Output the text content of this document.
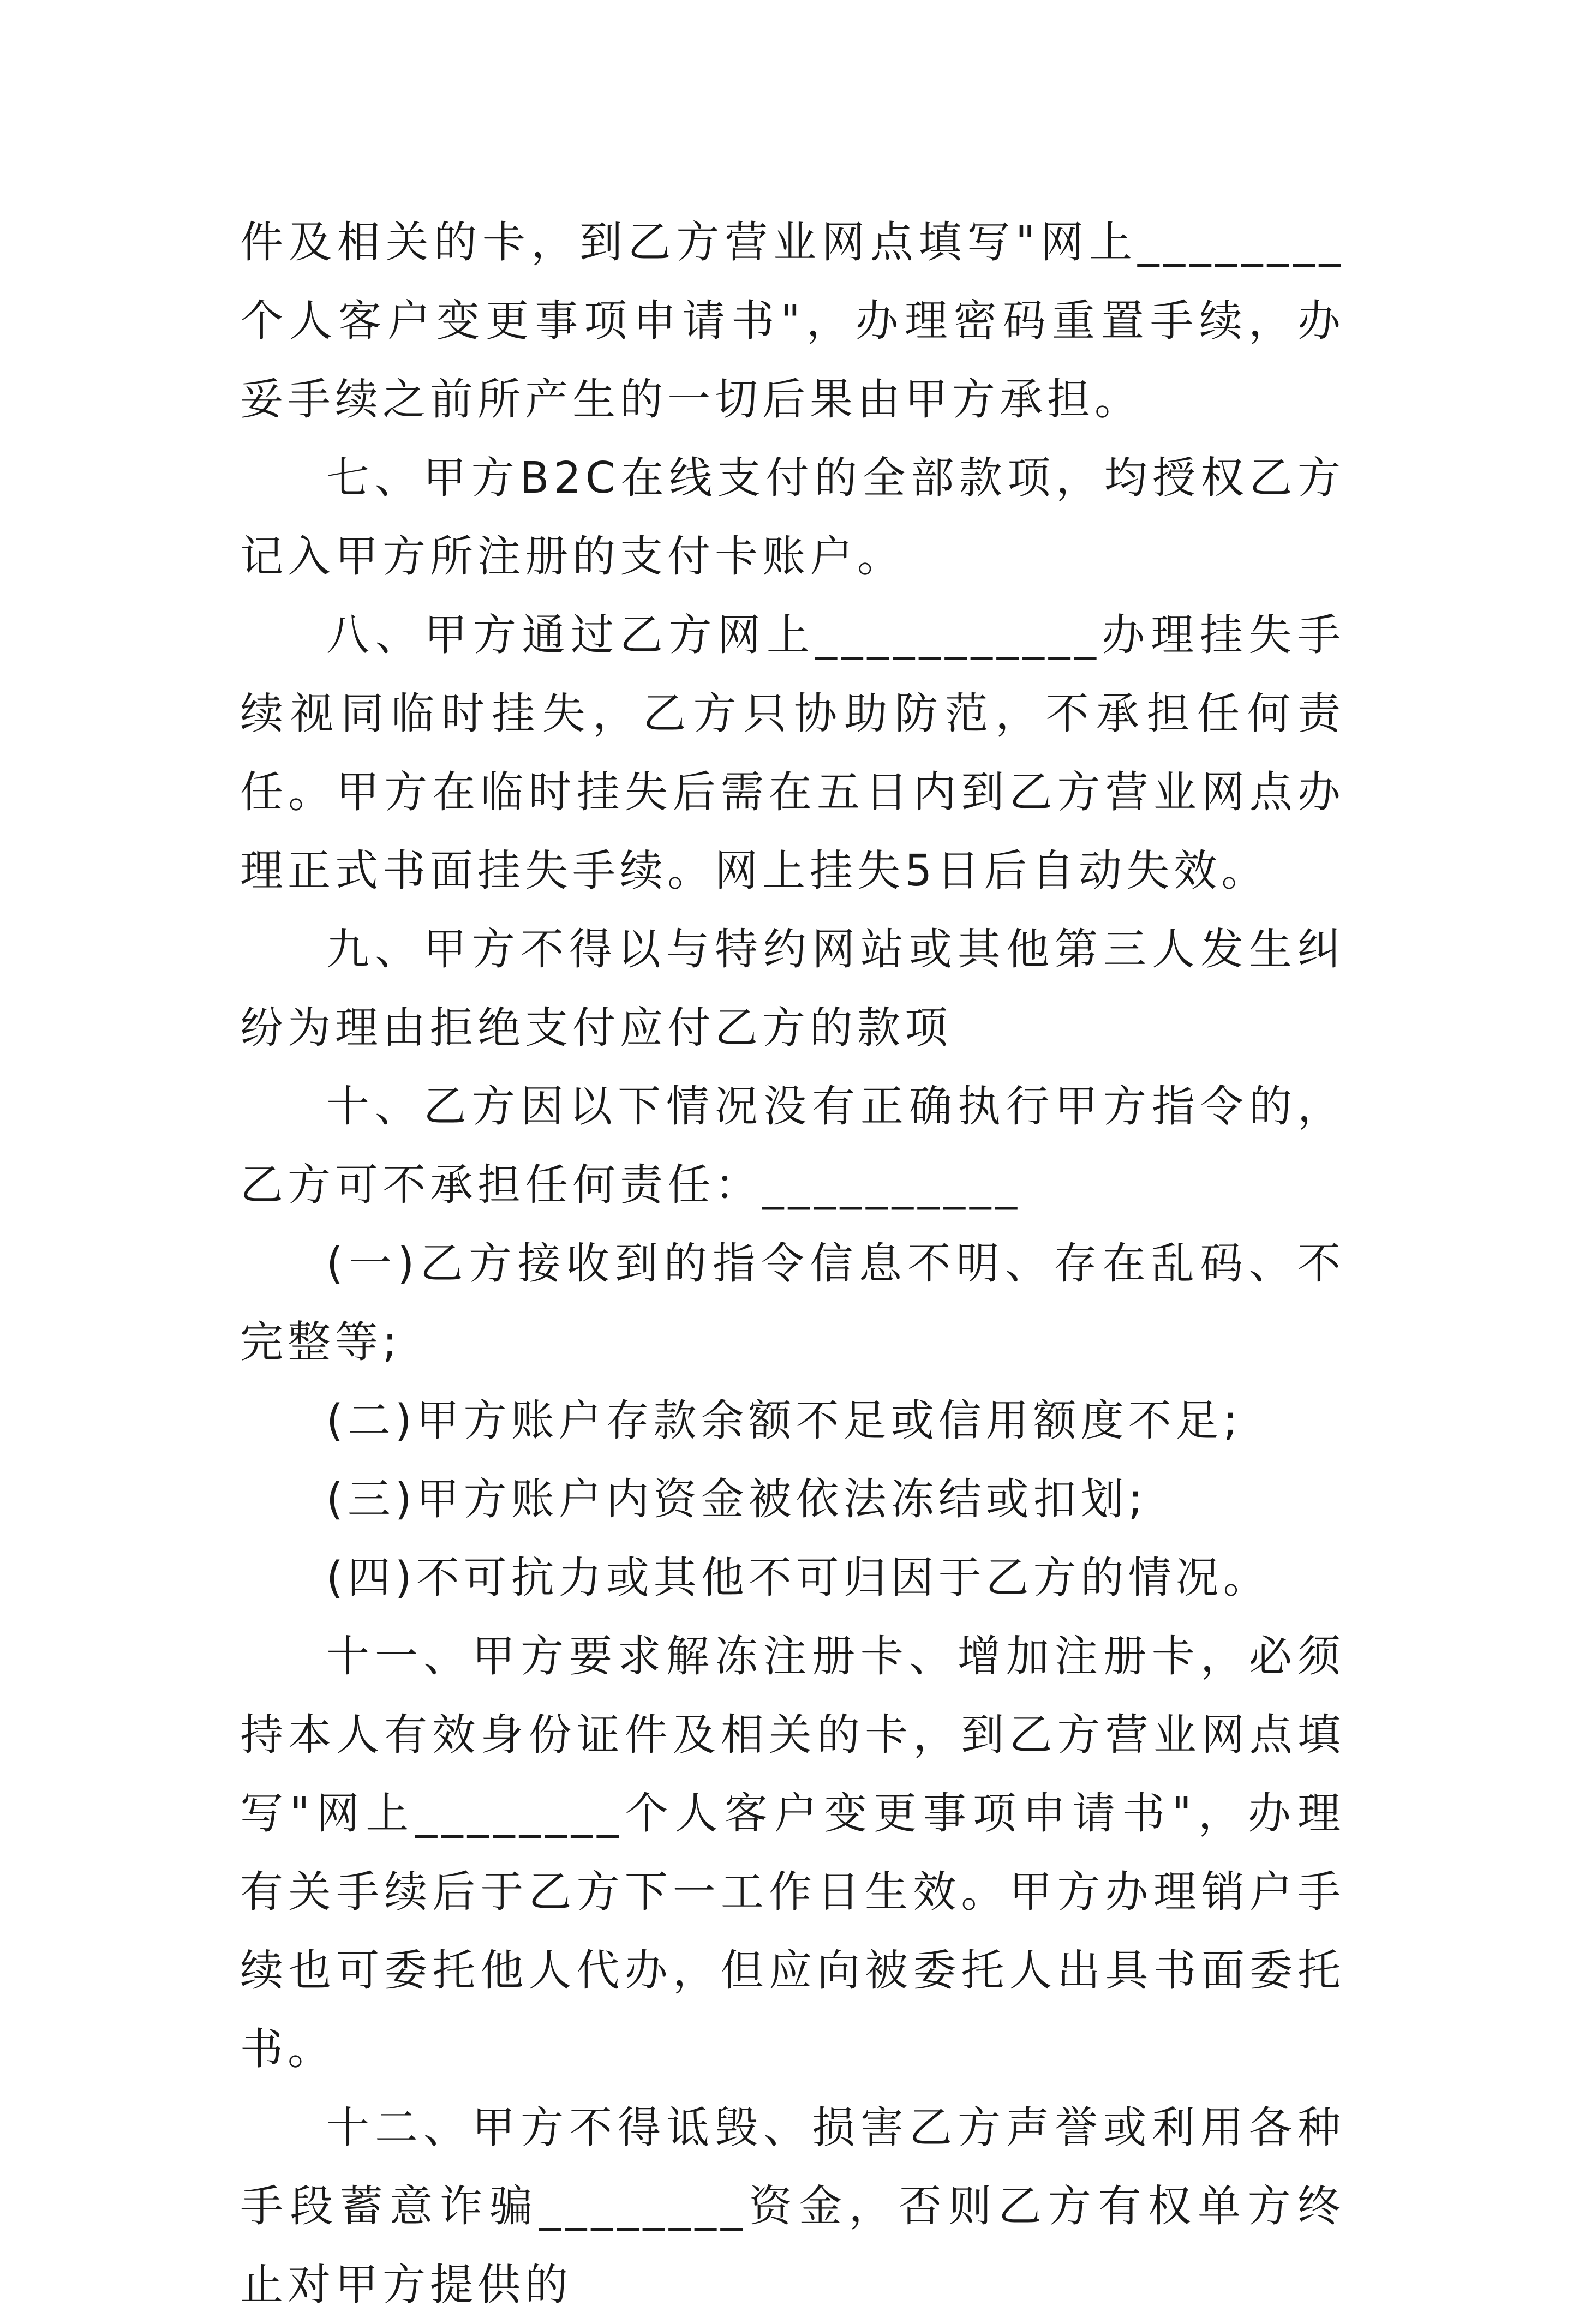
件及相关的卡，到乙方营业网点填写"网上________个人客户变更事项申请书"，办理密码重置手续，办妥手续之前所产生的一切后果由甲方承担。

七、甲方B2C在线支付的全部款项，均授权乙方记入甲方所注册的支付卡账户。

八、甲方通过乙方网上___________办理挂失手续视同临时挂失，乙方只协助防范，不承担任何责任。甲方在临时挂失后需在五日内到乙方营业网点办理正式书面挂失手续。网上挂失5日后自动失效。

九、甲方不得以与特约网站或其他第三人发生纠纷为理由拒绝支付应付乙方的款项

十、乙方因以下情况没有正确执行甲方指令的，乙方可不承担任何责任：__________

(一)乙方接收到的指令信息不明、存在乱码、不完整等;

(二)甲方账户存款余额不足或信用额度不足;

(三)甲方账户内资金被依法冻结或扣划;

(四)不可抗力或其他不可归因于乙方的情况。

十一、甲方要求解冻注册卡、增加注册卡，必须持本人有效身份证件及相关的卡，到乙方营业网点填写"网上________个人客户变更事项申请书"，办理有关手续后于乙方下一工作日生效。甲方办理销户手续也可委托他人代办，但应向被委托人出具书面委托书。

十二、甲方不得诋毁、损害乙方声誉或利用各种手段蓄意诈骗________资金，否则乙方有权单方终止对甲方提供的
